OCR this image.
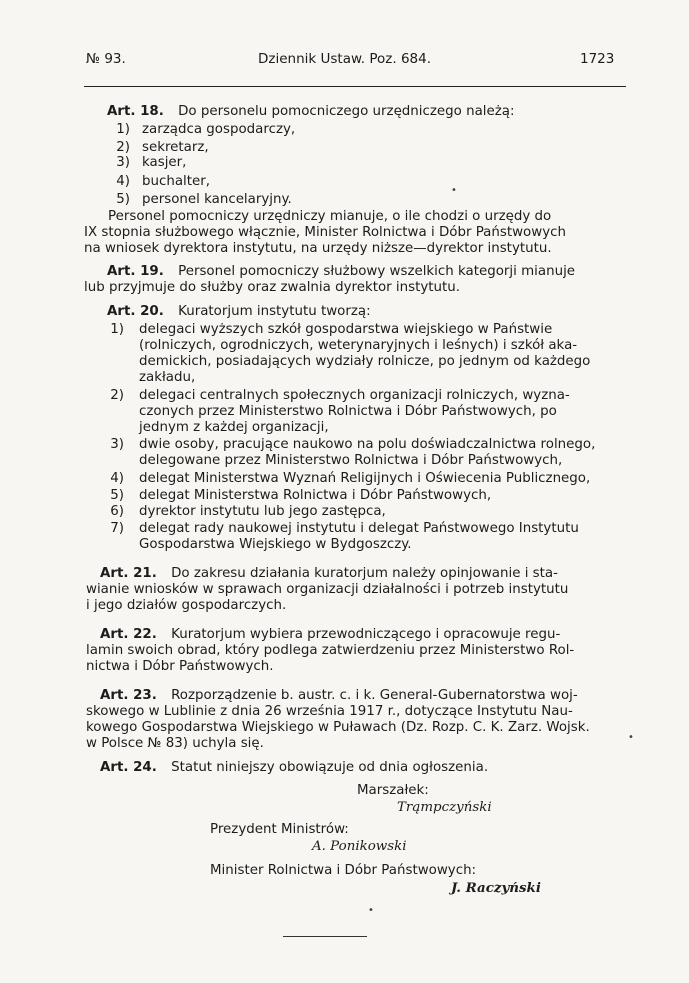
№ 93.	Dziennik Ustaw. Poz. 684.	1723
Art. 18. Do personelu pomocniczego urzędniczego należą:
1) zarządca gospodarczy,
2) sekretarz,
3) kasjer,
4) buchalter,
5) personel kancelaryjny.
Personel pomocniczy urzędniczy mianuje, o ile chodzi o urzędy do
IX stopnia służbowego włącznie, Minister Rolnictwa i Dóbr Państwowych
na wniosek dyrektora instytutu, na urzędy niższe—dyrektor instytutu.
Art. 19. Personel pomocniczy służbowy wszelkich kategorji mianuje
lub przyjmuje do służby oraz zwalnia dyrektor instytutu.
Art. 20. Kuratorjum instytutu tworzą:
1) delegaci wyższych szkół gospodarstwa wiejskiego w Państwie
(rolniczych, ogrodniczych, weterynaryjnych i leśnych) i szkół aka-
demickich, posiadających wydziały rolnicze, po jednym od każdego
zakładu,
2) delegaci centralnych społecznych organizacji rolniczych, wyzna-
czonych przez Ministerstwo Rolnictwa i Dóbr Państwowych, po
jednym z każdej organizacji,
3) dwie osoby, pracujące naukowo na polu doświadczalnictwa rolnego,
delegowane przez Ministerstwo Rolnictwa i Dóbr Państwowych,
4) delegat Ministerstwa Wyznań Religijnych i Oświecenia Publicznego,
5) delegat Ministerstwa Rolnictwa i Dóbr Państwowych,
6) dyrektor instytutu lub jego zastępca,
7) delegat rady naukowej instytutu i delegat Państwowego Instytutu
Gospodarstwa Wiejskiego w Bydgoszczy.
Art. 21. Do zakresu działania kuratorjum należy opinjowanie i sta-
wianie wniosków w sprawach organizacji działalności i potrzeb instytutu
i jego działów gospodarczych.
Art. 22. Kuratorjum wybiera przewodniczącego i opracowuje regu-
lamin swoich obrad, który podlega zatwierdzeniu przez Ministerstwo Rol-
nictwa i Dóbr Państwowych.
Art. 23. Rozporządzenie b. austr. c. i k. General-Gubernatorstwa woj-
skowego w Lublinie z dnia 26 września 1917 r., dotyczące Instytutu Nau-
kowego Gospodarstwa Wiejskiego w Puławach (Dz. Rozp. C. K. Zarz. Wojsk.
w Polsce № 83) uchyla się.
Art. 24. Statut niniejszy obowiązuje od dnia ogłoszenia.
Marszałek:
Trąmpczyński
Prezydent Ministrów:
A. Ponikowski
Minister Rolnictwa i Dóbr Państwowych:
J. Raczyński
•
•
•
